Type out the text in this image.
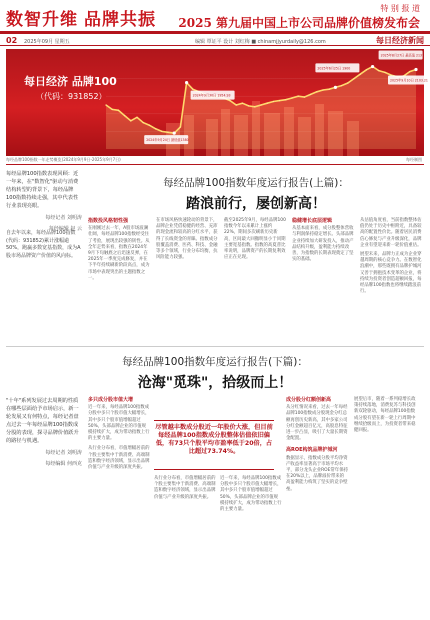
数智升维 品牌共振
特 别 报 道
2025 第九届中国上市公司品牌价值榜发布会
02 2025年09月 星期五	编辑 覃证平 设计 刘红梅 ■ chinamjjyurdaily@126.com	每日经济新闻
每日经济 品牌100
（代码：931852）
2024年9月24日 最低值1380
2025年6月25日 1900
2024年9月30日 1954.93
2025年8月27日 最高值 2137
2025年9月10日 2103.21
每经品牌100指数一年走势概览(2024年9月9日-2025年9月7日)	每经制图
每经品牌100指数表现回顾：近一年来，在"数智化"驱动与消费结构转型的背景下，每经品牌100指数持续走强，其中代表性行业表现亮眼。
每经记者 刘明涛
每经编辑 赵 云
自去年以来，每经品牌100指数(代码：931852)累计涨幅逾50%，跑赢多数宽基指数，成为A股市场品牌资产价值的风向标。
每经品牌100指数年度运行报告(上篇)：
踏浪前行，屡创新高！
指数投风格韧性强
在刚刚过去一年，A股市场波澜壮阔，每经品牌100指数经受住了考验，展现出较强的韧性。从全年走势来看，指数在2024年9月下旬触底之后迅速反弹，在2025年一季度完成修复，并在下半年持续刷新阶段高点，成为市场中表现突出的主题指数之一。
在市场风格快速轮动的背景下，品牌企业凭借稳健的经营、充沛的现金流和较高的分红水平，获得了长线资金的青睐。指数成分股覆盖消费、医药、科技、金融等多个领域，行业分布均衡，抗风险能力较强。
截至2025年9月，每经品牌100指数今年以来累计上涨约22%，期间多次刷新历史新高，区间最大回撤明显小于同期主要宽基指数。指数的高夏普比率说明，品牌资产的长期复利效应正在兑现。
稳健增长底层逻辑
从基本面来看，成分股整体营收与利润保持稳定增长。头部品牌企业持续加大研发投入，推动产品结构升级，盈利能力持续改善，为指数的长期表现奠定了坚实的基础。
从估值角度看，当前指数整体估值仍处于历史中枢附近，具备较高的配置性价比。随着居民消费信心修复与产业升级深化，品牌企业有望迎来新一轮价值重估。
展望未来，品牌力正成为企业穿越周期的核心竞争力。在数智化浪潮中，那些既拥有品牌护城河又善于拥抱技术变革的企业，将持续为投资者创造超额回报，每经品牌100指数也将继续踏浪前行。
每经品牌100指数年度运行报告(下篇)：
沧海"觅珠"，拾级而上！
"十年"系列发展过去周期的性质在哪些层面给予市场启示，新一轮发展又有何特点，每经记者盘点过去一年每经品牌100指数成分股的表现，探寻品牌价值跃升的路径与机遇。
每经记者 刘明涛
每经编辑 何西克
多只成分股市值大增
近一年来，每经品牌100指数成分股中多只个股市值大幅增长，其中多只个股市值增幅超过50%，头部品牌企业的市值规模持续扩大，成为带动指数上行的主要力量。
从行业分布看，市值增幅居前的个股主要集中于新消费、高端制造和数字经济领域，显示出品牌价值与产业升级的深度共振。
尽管越丰数成分股近一年股价大涨，但目前每经品牌100指数成分股整体估值依旧偏低，有73只个股平均市盈率低于20倍，占比超过73.74%。
从行业分布看，市值增幅居前的个股主要集中于新消费、高端制造和数字经济领域，显示出品牌价值与产业升级的深度共振。
近一年来，每经品牌100指数成分股中多只个股市值大幅增长，其中多只个股市值增幅超过50%，头部品牌企业的市值规模持续扩大，成为带动指数上行的主要力量。
成分股分红额创新高
从分红情况来看，过去一年每经品牌100指数成分股现金分红总额再创历史新高，其中多家公司分红金额超百亿元，高股息特征进一步凸显，吸引了大量长期资金配置。
高ROE构筑品牌护城河
数据显示，指数成分股平均净资产收益率显著高于市场平均水平，部分龙头企业ROE常年保持在20%以上，品牌溢价带来的高盈利能力构筑了坚实的竞争壁垒。
展望后市，随着一系列稳增长政策持续落地，消费复苏与科技创新双轮驱动，每经品牌100指数成分股有望在新一轮上行周期中继续拾级而上，为投资者带来稳健回报。
